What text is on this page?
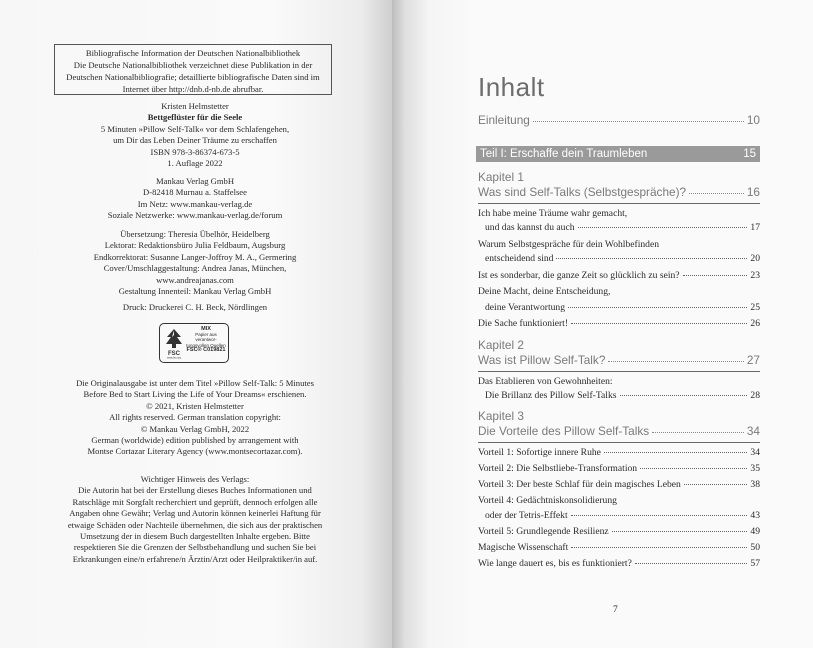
Bibliografische Information der Deutschen Nationalbibliothek
Die Deutsche Nationalbibliothek verzeichnet diese Publikation in der
Deutschen Nationalbibliografie; detaillierte bibliografische Daten sind im
Internet über http://dnb.d-nb.de abrufbar.
Kristen Helmstetter
Bettgeflüster für die Seele
5 Minuten »Pillow Self-Talk« vor dem Schlafengehen,
um Dir das Leben Deiner Träume zu erschaffen
ISBN 978-3-86374-673-5
1. Auflage 2022
Mankau Verlag GmbH
D-82418 Murnau a. Staffelsee
Im Netz: www.mankau-verlag.de
Soziale Netzwerke: www.mankau-verlag.de/forum
Übersetzung: Theresia Übelhör, Heidelberg
Lektorat: Redaktionsbüro Julia Feldbaum, Augsburg
Endkorrektorat: Susanne Langer-Joffroy M. A., Germering
Cover/Umschlaggestaltung: Andrea Janas, München,
www.andreajanas.com
Gestaltung Innenteil: Mankau Verlag GmbH
Druck: Druckerei C. H. Beck, Nördlingen
FSC
www.fsc.org
MIX
Papier aus verantwor-
tungsvollen Quellen
FSC® C019821
Die Originalausgabe ist unter dem Titel »Pillow Self-Talk: 5 Minutes
Before Bed to Start Living the Life of Your Dreams« erschienen.
© 2021, Kristen Helmstetter
All rights reserved. German translation copyright:
© Mankau Verlag GmbH, 2022
German (worldwide) edition published by arrangement with
Montse Cortazar Literary Agency (www.montsecortazar.com).
Wichtiger Hinweis des Verlags:
Die Autorin hat bei der Erstellung dieses Buches Informationen und
Ratschläge mit Sorgfalt recherchiert und geprüft, dennoch erfolgen alle
Angaben ohne Gewähr; Verlag und Autorin können keinerlei Haftung für
etwaige Schäden oder Nachteile übernehmen, die sich aus der praktischen
Umsetzung der in diesem Buch dargestellten Inhalte ergeben. Bitte
respektieren Sie die Grenzen der Selbstbehandlung und suchen Sie bei
Erkrankungen eine/n erfahrene/n Ärztin/Arzt oder Heilpraktiker/in auf.
Inhalt
Einleitung	10
Teil I: Erschaffe dein Traumleben	15
Kapitel 1
Was sind Self-Talks (Selbstgespräche)?	16
Ich habe meine Träume wahr gemacht,
und das kannst du auch	17
Warum Selbstgespräche für dein Wohlbefinden
entscheidend sind	20
Ist es sonderbar, die ganze Zeit so glücklich zu sein?	23
Deine Macht, deine Entscheidung,
deine Verantwortung	25
Die Sache funktioniert!	26
Kapitel 2
Was ist Pillow Self-Talk?	27
Das Etablieren von Gewohnheiten:
Die Brillanz des Pillow Self-Talks	28
Kapitel 3
Die Vorteile des Pillow Self-Talks	34
Vorteil 1: Sofortige innere Ruhe	34
Vorteil 2: Die Selbstliebe-Transformation	35
Vorteil 3: Der beste Schlaf für dein magisches Leben	38
Vorteil 4: Gedächtniskonsolidierung
oder der Tetris-Effekt	43
Vorteil 5: Grundlegende Resilienz	49
Magische Wissenschaft	50
Wie lange dauert es, bis es funktioniert?	57
7
